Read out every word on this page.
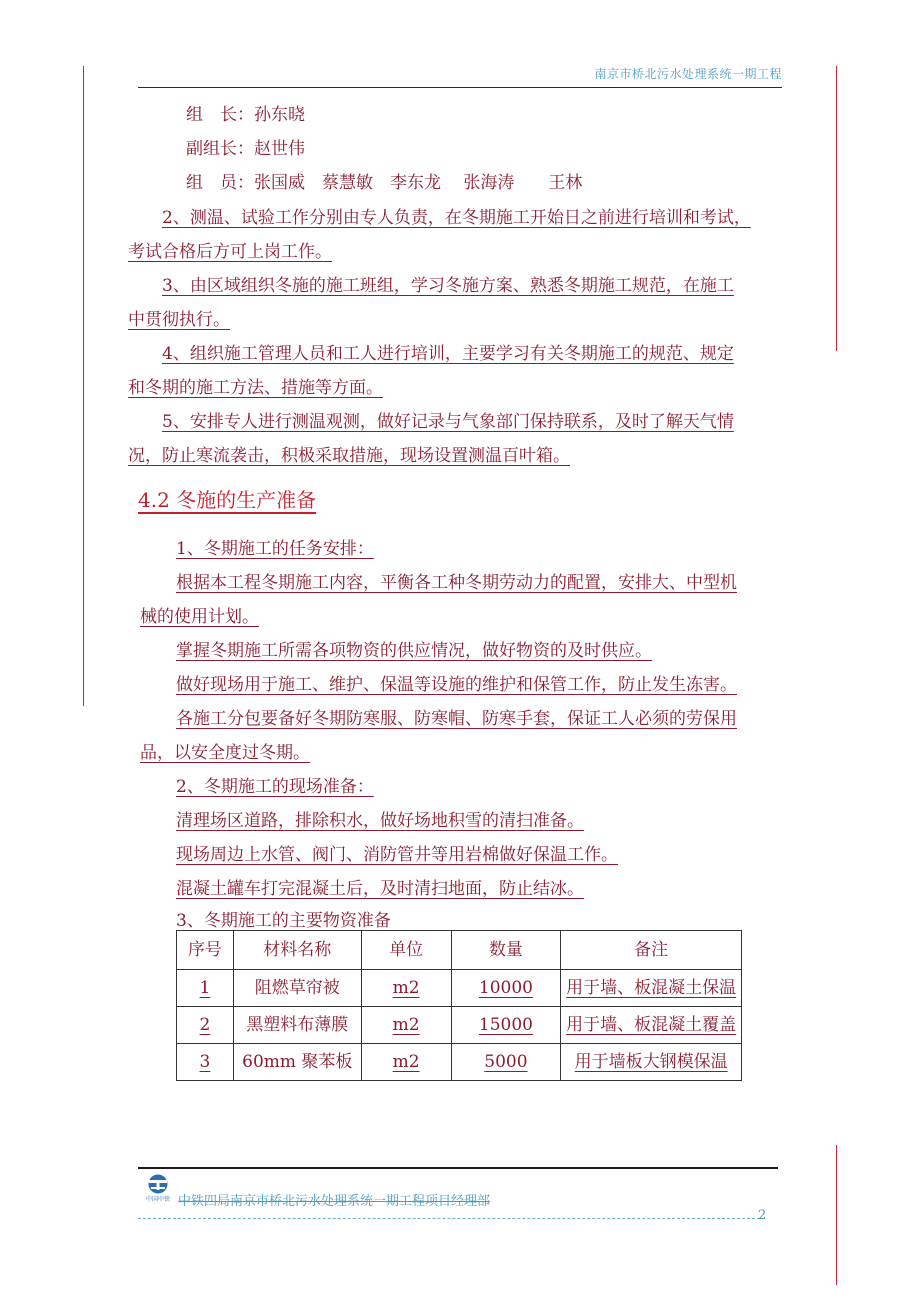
南京市桥北污水处理系统一期工程
组　长：孙东晓
副组长：赵世伟
组　员：张国威　蔡慧敏　李东龙　 张海涛　　王林
2、测温、试验工作分别由专人负责，在冬期施工开始日之前进行培训和考试，
考试合格后方可上岗工作。
3、由区域组织冬施的施工班组，学习冬施方案、熟悉冬期施工规范，在施工
中贯彻执行。
4、组织施工管理人员和工人进行培训，主要学习有关冬期施工的规范、规定
和冬期的施工方法、措施等方面。
5、安排专人进行测温观测，做好记录与气象部门保持联系，及时了解天气情
况，防止寒流袭击，积极采取措施，现场设置测温百叶箱。
4.2 冬施的生产准备
1、冬期施工的任务安排：
根据本工程冬期施工内容，平衡各工种冬期劳动力的配置，安排大、中型机
械的使用计划。
掌握冬期施工所需各项物资的供应情况，做好物资的及时供应。
做好现场用于施工、维护、保温等设施的维护和保管工作，防止发生冻害。
各施工分包要备好冬期防寒服、防寒帽、防寒手套，保证工人必须的劳保用
品，以安全度过冬期。
2、冬期施工的现场准备：
清理场区道路，排除积水，做好场地积雪的清扫准备。
现场周边上水管、阀门、消防管井等用岩棉做好保温工作。
混凝土罐车打完混凝土后，及时清扫地面，防止结冰。
3、冬期施工的主要物资准备
序号	材料名称	单位	数量	备注
1	阻燃草帘被	m2	10000	用于墙、板混凝土保温
2	黑塑料布薄膜	m2	15000	用于墙、板混凝土覆盖
3	60mm 聚苯板	m2	5000	用于墙板大钢模保温
中国中铁 中铁四局南京市桥北污水处理系统一期工程项目经理部
2
